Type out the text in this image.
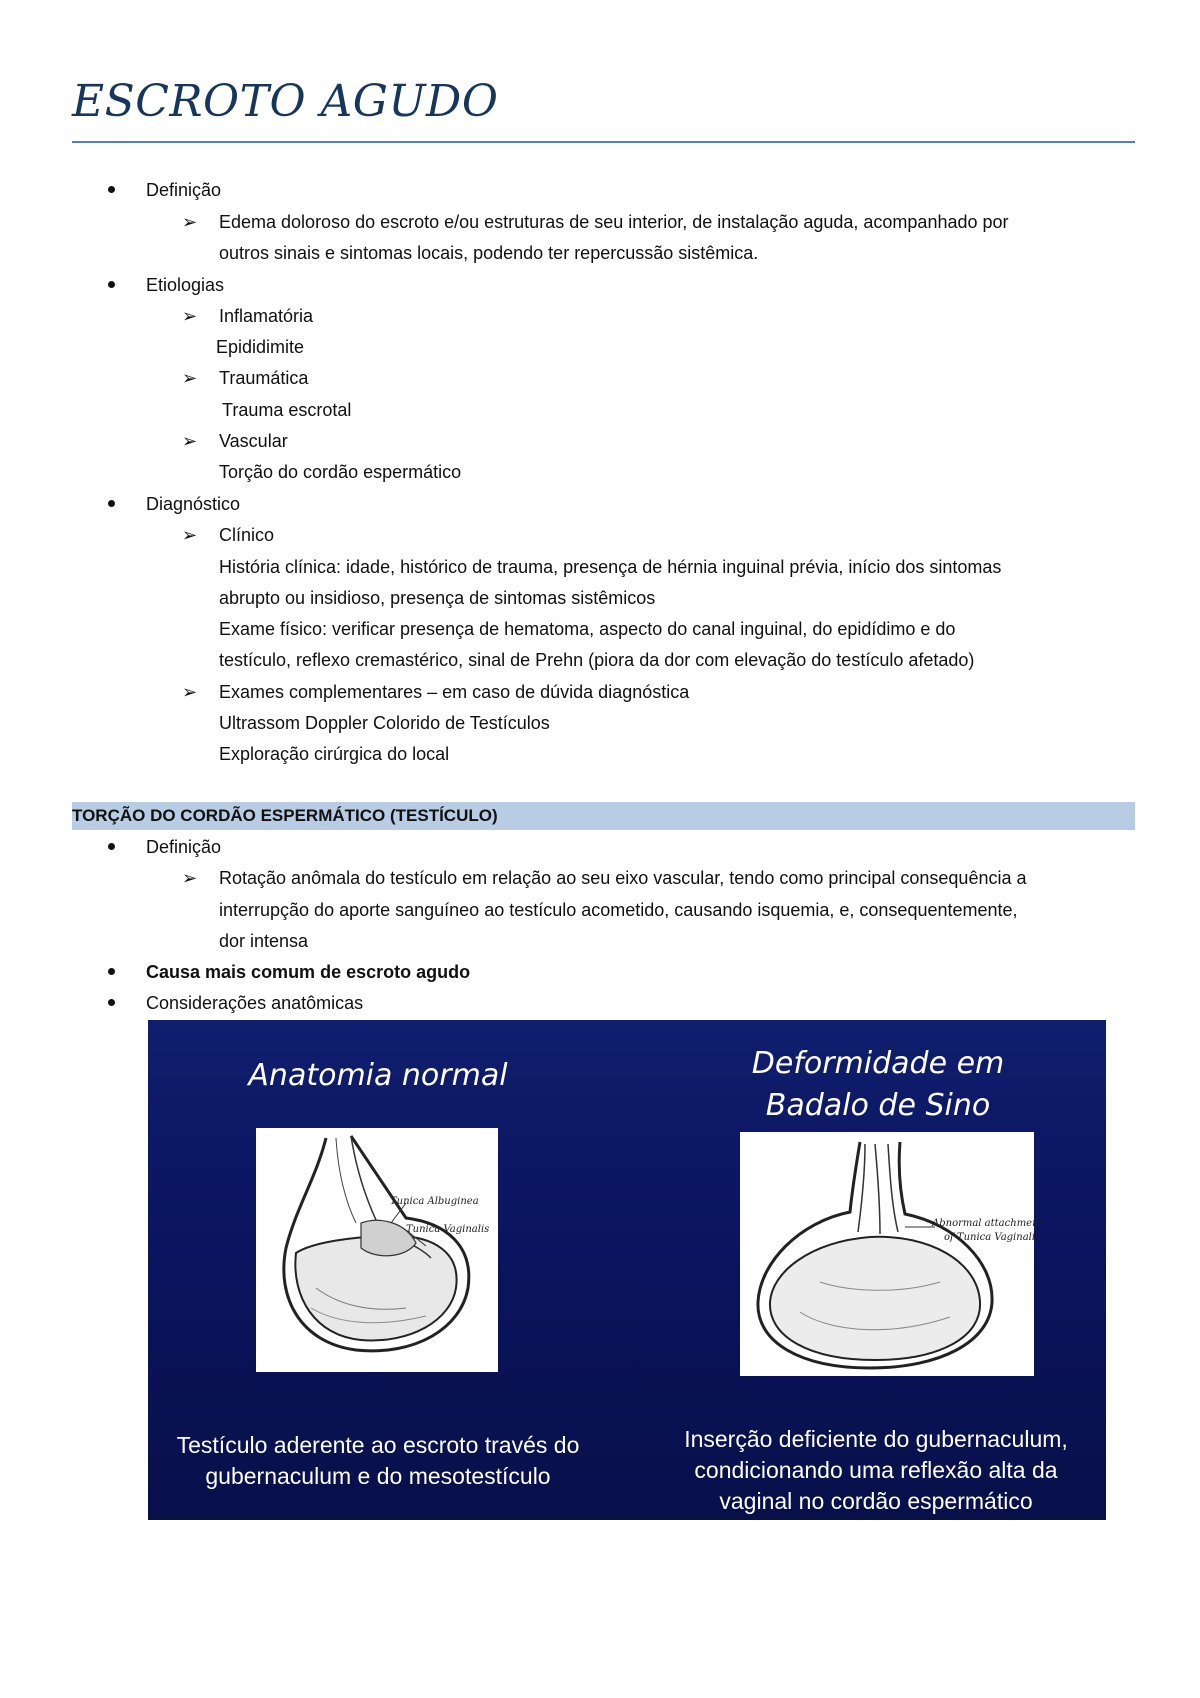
ESCROTO AGUDO
Definição
➢ Edema doloroso do escroto e/ou estruturas de seu interior, de instalação aguda, acompanhado por
outros sinais e sintomas locais, podendo ter repercussão sistêmica.
Etiologias
➢ Inflamatória
Epididimite
➢ Traumática
Trauma escrotal
➢ Vascular
Torção do cordão espermático
Diagnóstico
➢ Clínico
História clínica: idade, histórico de trauma, presença de hérnia inguinal prévia, início dos sintomas
abrupto ou insidioso, presença de sintomas sistêmicos
Exame físico: verificar presença de hematoma, aspecto do canal inguinal, do epidídimo e do
testículo, reflexo cremastérico, sinal de Prehn (piora da dor com elevação do testículo afetado)
➢ Exames complementares – em caso de dúvida diagnóstica
Ultrassom Doppler Colorido de Testículos
Exploração cirúrgica do local
TORÇÃO DO CORDÃO ESPERMÁTICO (TESTÍCULO)
Definição
➢ Rotação anômala do testículo em relação ao seu eixo vascular, tendo como principal consequência a
interrupção do aporte sanguíneo ao testículo acometido, causando isquemia, e, consequentemente,
dor intensa
Causa mais comum de escroto agudo
Considerações anatômicas
Anatomia normal	Deformidade em
Badalo de Sino
Tunica Albuginea
Tunica Vaginalis
Abnormal attachment
of Tunica Vaginalis
Testículo aderente ao escroto través do
gubernaculum e do mesotestículo
Inserção deficiente do gubernaculum,
condicionando uma reflexão alta da
vaginal no cordão espermático
